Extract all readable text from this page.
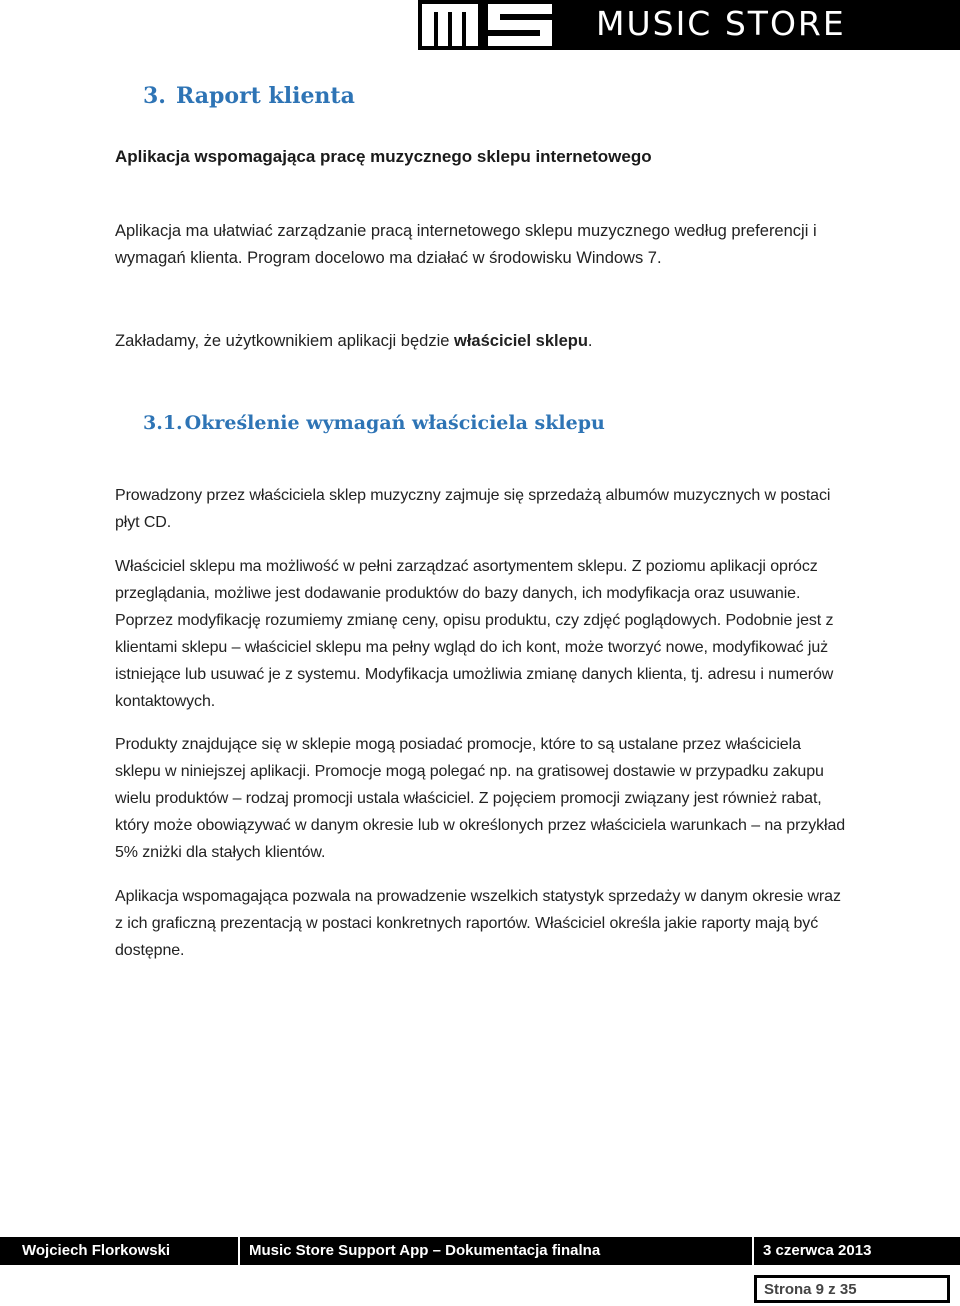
MUSIC STORE
3. Raport klienta
Aplikacja wspomagająca pracę muzycznego sklepu internetowego

Aplikacja ma ułatwiać zarządzanie pracą internetowego sklepu muzycznego według preferencji i wymagań klienta. Program docelowo ma działać w środowisku Windows 7.

Zakładamy, że użytkownikiem aplikacji będzie właściciel sklepu.

3.1. Określenie wymagań właściciela sklepu

Prowadzony przez właściciela sklep muzyczny zajmuje się sprzedażą albumów muzycznych w postaci płyt CD.

Właściciel sklepu ma możliwość w pełni zarządzać asortymentem sklepu. Z poziomu aplikacji oprócz przeglądania, możliwe jest dodawanie produktów do bazy danych, ich modyfikacja oraz usuwanie. Poprzez modyfikację rozumiemy zmianę ceny, opisu produktu, czy zdjęć poglądowych. Podobnie jest z klientami sklepu – właściciel sklepu ma pełny wgląd do ich kont, może tworzyć nowe, modyfikować już istniejące lub usuwać je z systemu. Modyfikacja umożliwia zmianę danych klienta, tj. adresu i numerów kontaktowych.

Produkty znajdujące się w sklepie mogą posiadać promocje, które to są ustalane przez właściciela sklepu w niniejszej aplikacji. Promocje mogą polegać np. na gratisowej dostawie w przypadku zakupu wielu produktów – rodzaj promocji ustala właściciel. Z pojęciem promocji związany jest również rabat, który może obowiązywać w danym okresie lub w określonych przez właściciela warunkach – na przykład 5% zniżki dla stałych klientów.

Aplikacja wspomagająca pozwala na prowadzenie wszelkich statystyk sprzedaży w danym okresie wraz z ich graficzną prezentacją w postaci konkretnych raportów. Właściciel określa jakie raporty mają być dostępne.

Wojciech Florkowski	Music Store Support App – Dokumentacja finalna	3 czerwca 2013
Strona 9 z 35
